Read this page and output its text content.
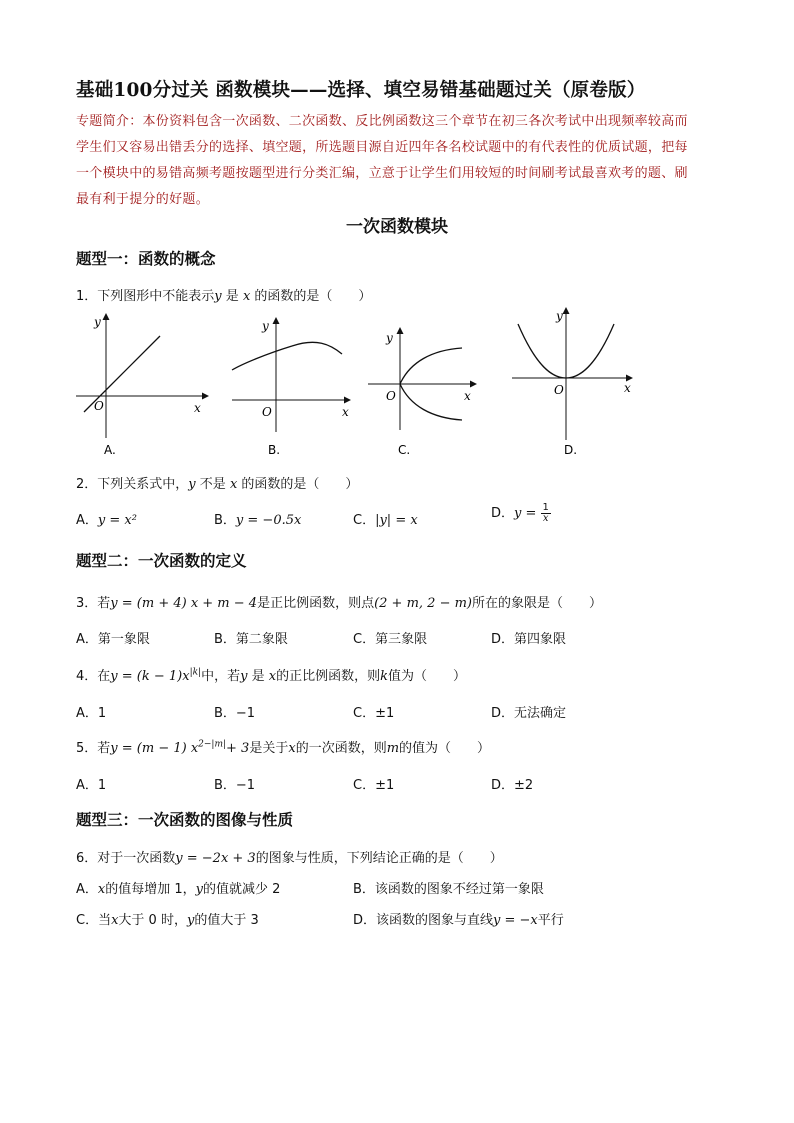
基础100分过关 函数模块——选择、填空易错基础题过关（原卷版）
专题简介：本份资料包含一次函数、二次函数、反比例函数这三个章节在初三各次考试中出现频率较高而
学生们又容易出错丢分的选择、填空题，所选题目源自近四年各名校试题中的有代表性的优质试题，把每
一个模块中的易错高频考题按题型进行分类汇编，立意于让学生们用较短的时间刷考试最喜欢考的题、刷
最有利于提分的好题。
一次函数模块
题型一：函数的概念
1．下列图形中不能表示y 是 x 的函数的是（　　）
y
x
O
A.
y
x
O
B.
y
x
O
C.
y
x
O
D.
2．下列关系式中，y 不是 x 的函数的是（　　）
A．y = x²	B．y = −0.5x	C．|y| = x	D．$y = \frac{1}{x}$
题型二：一次函数的定义
3．若y = (m + 4) x + m − 4是正比例函数，则点(2 + m, 2 − m)所在的象限是（　　）
A．第一象限	B．第二象限	C．第三象限	D．第四象限
4．在$y = (k - 1)x^{|k|}$中，若y 是 x的正比例函数，则k值为（　　）
A．1	B．−1	C．±1	D．无法确定
5．若y = (m − 1) $x^{2-|m|}+ 3$是关于x的一次函数，则m的值为（　　）
A．1	B．−1	C．±1	D．±2
题型三：一次函数的图像与性质
6．对于一次函数y = −2x + 3的图象与性质，下列结论正确的是（　　）
A．x的值每增加 1，y的值就减少 2	B．该函数的图象不经过第一象限
C．当x大于 0 时，y的值大于 3	D．该函数的图象与直线y = −x平行
